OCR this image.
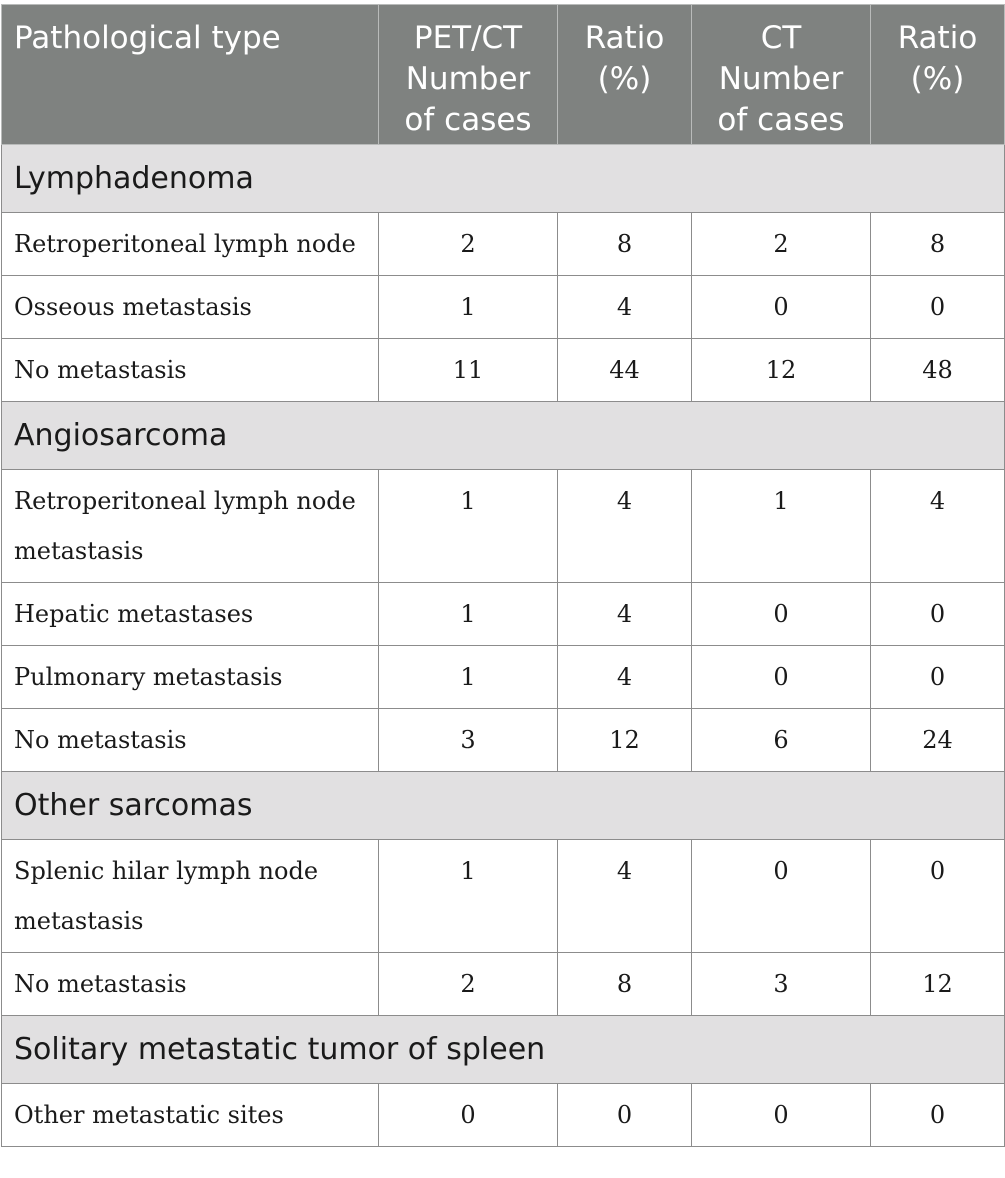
Pathological type	PET/CT Number of cases	Ratio (%)	CT Number of cases	Ratio (%)
Lymphadenoma				
Retroperitoneal lymph node	2	8	2	8
Osseous metastasis	1	4	0	0
No metastasis	11	44	12	48
Angiosarcoma				
Retroperitoneal lymph node metastasis	1	4	1	4
Hepatic metastases	1	4	0	0
Pulmonary metastasis	1	4	0	0
No metastasis	3	12	6	24
Other sarcomas				
Splenic hilar lymph node metastasis	1	4	0	0
No metastasis	2	8	3	12
Solitary metastatic tumor of spleen				
Other metastatic sites	0	0	0	0
